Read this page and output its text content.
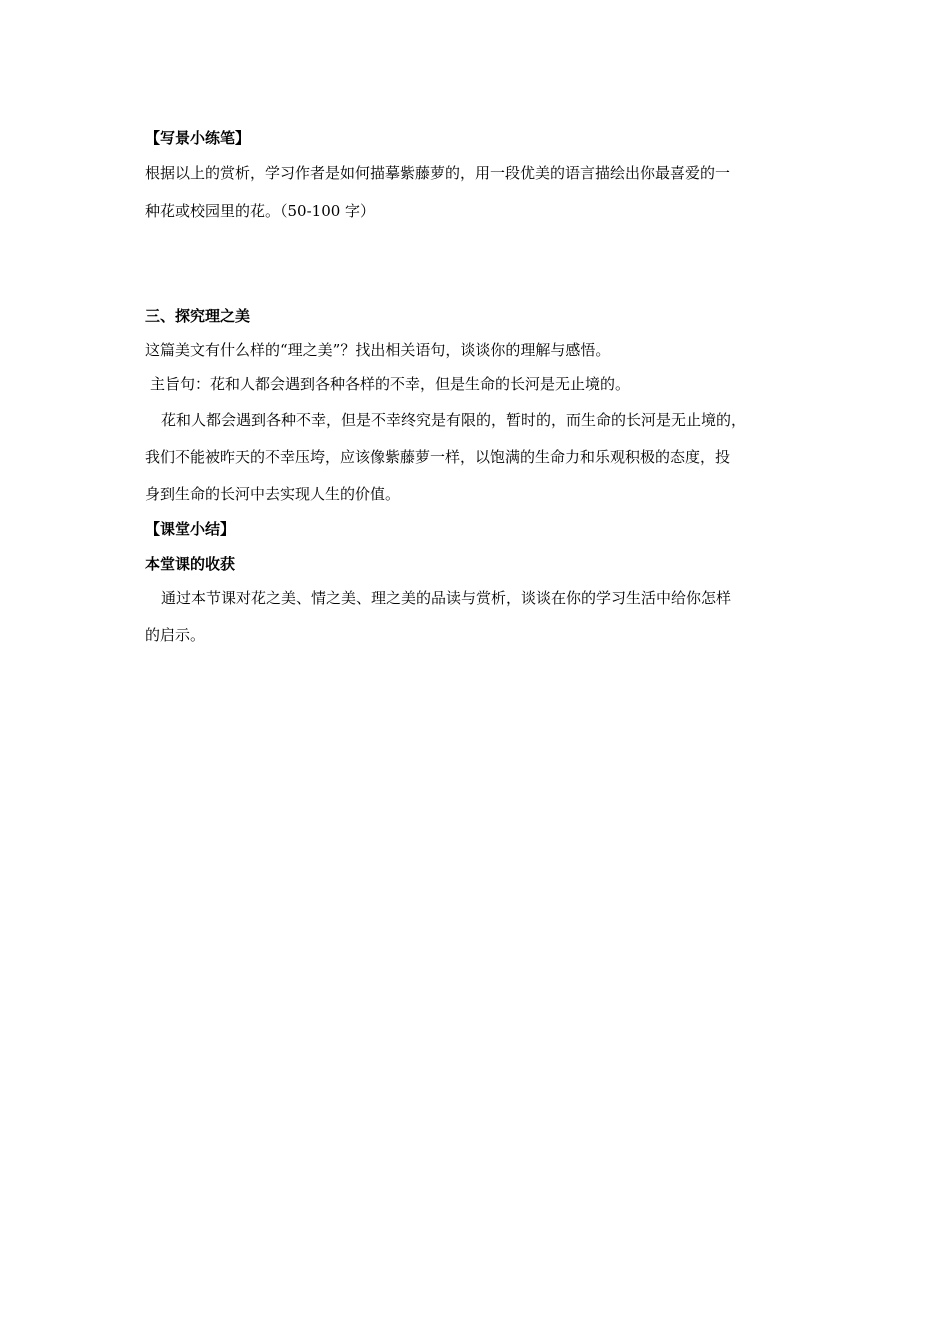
【写景小练笔】
根据以上的赏析，学习作者是如何描摹紫藤萝的，用一段优美的语言描绘出你最喜爱的一
种花或校园里的花。（50-100 字）
三、探究理之美
这篇美文有什么样的“理之美”？找出相关语句，谈谈你的理解与感悟。
主旨句：花和人都会遇到各种各样的不幸，但是生命的长河是无止境的。
花和人都会遇到各种不幸，但是不幸终究是有限的，暂时的，而生命的长河是无止境的，
我们不能被昨天的不幸压垮，应该像紫藤萝一样，以饱满的生命力和乐观积极的态度，投
身到生命的长河中去实现人生的价值。
【课堂小结】
本堂课的收获
通过本节课对花之美、情之美、理之美的品读与赏析，谈谈在你的学习生活中给你怎样
的启示。
